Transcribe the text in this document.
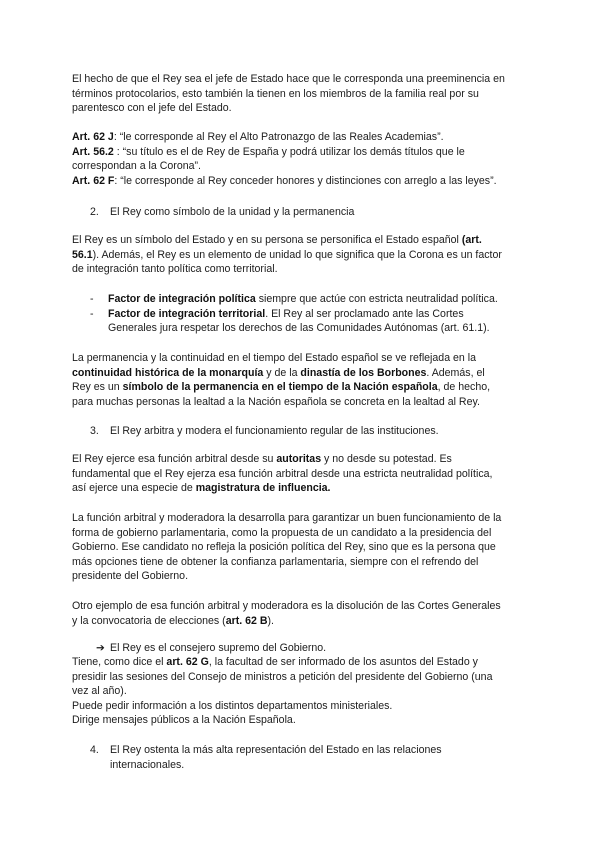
El hecho de que el Rey sea el jefe de Estado hace que le corresponda una preeminencia en
términos protocolarios, esto también la tienen en los miembros de la familia real por su
parentesco con el jefe del Estado.
Art. 62 J: “le corresponde al Rey el Alto Patronazgo de las Reales Academias”.
Art. 56.2 : “su título es el de Rey de España y podrá utilizar los demás títulos que le
correspondan a la Corona”.
Art. 62 F: “le corresponde al Rey conceder honores y distinciones con arreglo a las leyes”.
2. El Rey como símbolo de la unidad y la permanencia
El Rey es un símbolo del Estado y en su persona se personifica el Estado español (art.
56.1). Además, el Rey es un elemento de unidad lo que significa que la Corona es un factor
de integración tanto política como territorial.
- Factor de integración política siempre que actúe con estricta neutralidad política.
- Factor de integración territorial. El Rey al ser proclamado ante las Cortes
Generales jura respetar los derechos de las Comunidades Autónomas (art. 61.1).
La permanencia y la continuidad en el tiempo del Estado español se ve reflejada en la
continuidad histórica de la monarquía y de la dinastía de los Borbones. Además, el
Rey es un símbolo de la permanencia en el tiempo de la Nación española, de hecho,
para muchas personas la lealtad a la Nación española se concreta en la lealtad al Rey.
3. El Rey arbitra y modera el funcionamiento regular de las instituciones.
El Rey ejerce esa función arbitral desde su autoritas y no desde su potestad. Es
fundamental que el Rey ejerza esa función arbitral desde una estricta neutralidad política,
así ejerce una especie de magistratura de influencia.
La función arbitral y moderadora la desarrolla para garantizar un buen funcionamiento de la
forma de gobierno parlamentaria, como la propuesta de un candidato a la presidencia del
Gobierno. Ese candidato no refleja la posición política del Rey, sino que es la persona que
más opciones tiene de obtener la confianza parlamentaria, siempre con el refrendo del
presidente del Gobierno.
Otro ejemplo de esa función arbitral y moderadora es la disolución de las Cortes Generales
y la convocatoria de elecciones (art. 62 B).
➔ El Rey es el consejero supremo del Gobierno.
Tiene, como dice el art. 62 G, la facultad de ser informado de los asuntos del Estado y
presidir las sesiones del Consejo de ministros a petición del presidente del Gobierno (una
vez al año).
Puede pedir información a los distintos departamentos ministeriales.
Dirige mensajes públicos a la Nación Española.
4. El Rey ostenta la más alta representación del Estado en las relaciones
internacionales.
